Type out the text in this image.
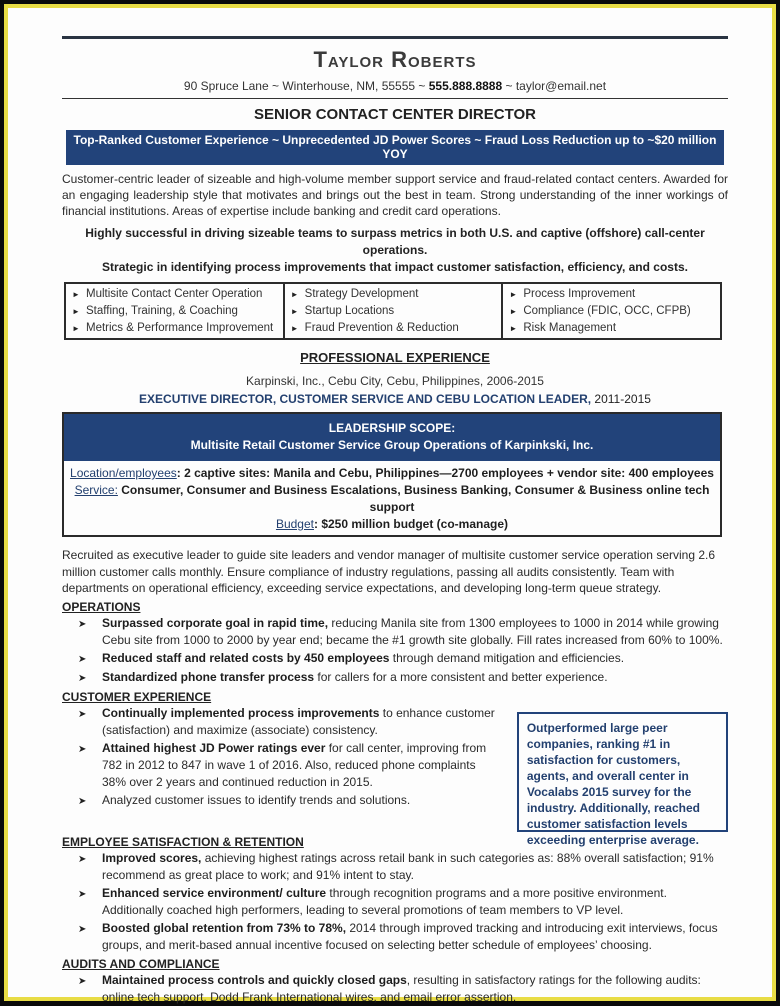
Taylor Roberts
90 Spruce Lane ~ Winterhouse, NM, 55555 ~ 555.888.8888 ~ taylor@email.net
SENIOR CONTACT CENTER DIRECTOR
Top-Ranked Customer Experience ~ Unprecedented JD Power Scores ~ Fraud Loss Reduction up to ~$20 million YOY
Customer-centric leader of sizeable and high-volume member support service and fraud-related contact centers. Awarded for an engaging leadership style that motivates and brings out the best in team. Strong understanding of the inner workings of financial institutions. Areas of expertise include banking and credit card operations.
Highly successful in driving sizeable teams to surpass metrics in both U.S. and captive (offshore) call-center operations.
Strategic in identifying process improvements that impact customer satisfaction, efficiency, and costs.
► Multisite Contact Center Operation
► Staffing, Training, & Coaching
► Metrics & Performance Improvement
► Strategy Development
► Startup Locations
► Fraud Prevention & Reduction
► Process Improvement
► Compliance (FDIC, OCC, CFPB)
► Risk Management
PROFESSIONAL EXPERIENCE
Karpinski, Inc., Cebu City, Cebu, Philippines, 2006-2015
EXECUTIVE DIRECTOR, CUSTOMER SERVICE AND CEBU LOCATION LEADER, 2011-2015
LEADERSHIP SCOPE:
Multisite Retail Customer Service Group Operations of Karpinkski, Inc.
Location/employees: 2 captive sites: Manila and Cebu, Philippines—2700 employees + vendor site: 400 employees
Service: Consumer, Consumer and Business Escalations, Business Banking, Consumer & Business online tech support
Budget: $250 million budget (co-manage)
Recruited as executive leader to guide site leaders and vendor manager of multisite customer service operation serving 2.6 million customer calls monthly. Ensure compliance of industry regulations, passing all audits consistently. Team with departments on operational efficiency, exceeding service expectations, and developing long-term queue strategy.
OPERATIONS
➤	Surpassed corporate goal in rapid time, reducing Manila site from 1300 employees to 1000 in 2014 while growing Cebu site from 1000 to 2000 by year end; became the #1 growth site globally. Fill rates increased from 60% to 100%.
➤	Reduced staff and related costs by 450 employees through demand mitigation and efficiencies.
➤	Standardized phone transfer process for callers for a more consistent and better experience.
CUSTOMER EXPERIENCE
➤	Continually implemented process improvements to enhance customer (satisfaction) and maximize (associate) consistency.
➤	Attained highest JD Power ratings ever for call center, improving from 782 in 2012 to 847 in wave 1 of 2016. Also, reduced phone complaints 38% over 2 years and continued reduction in 2015.
➤	Analyzed customer issues to identify trends and solutions.
Outperformed large peer companies, ranking #1 in satisfaction for customers, agents, and overall center in Vocalabs 2015 survey for the industry. Additionally, reached customer satisfaction levels exceeding enterprise average.
EMPLOYEE SATISFACTION & RETENTION
➤	Improved scores, achieving highest ratings across retail bank in such categories as: 88% overall satisfaction; 91% recommend as great place to work; and 91% intent to stay.
➤	Enhanced service environment/ culture through recognition programs and a more positive environment. Additionally coached high performers, leading to several promotions of team members to VP level.
➤	Boosted global retention from 73% to 78%, 2014 through improved tracking and introducing exit interviews, focus groups, and merit-based annual incentive focused on selecting better schedule of employees’ choosing.
AUDITS AND COMPLIANCE
➤	Maintained process controls and quickly closed gaps, resulting in satisfactory ratings for the following audits: online tech support, Dodd Frank International wires, and email error assertion.
